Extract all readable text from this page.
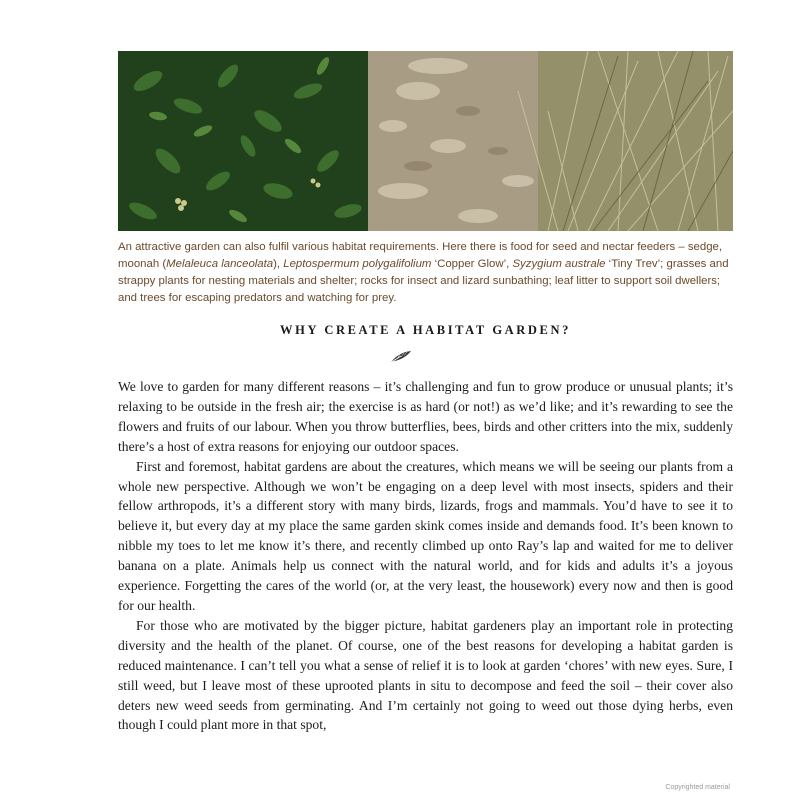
An attractive garden can also fulfil various habitat requirements. Here there is food for seed and nectar feeders – sedge, moonah (Melaleuca lanceolata), Leptospermum polygalifolium ‘Copper Glow’, Syzygium australe ‘Tiny Trev’; grasses and strappy plants for nesting materials and shelter; rocks for insect and lizard sunbathing; leaf litter to support soil dwellers; and trees for escaping predators and watching for prey.

WHY CREATE A HABITAT GARDEN?

We love to garden for many different reasons – it’s challenging and fun to grow produce or unusual plants; it’s relaxing to be outside in the fresh air; the exercise is as hard (or not!) as we’d like; and it’s rewarding to see the flowers and fruits of our labour. When you throw butterflies, bees, birds and other critters into the mix, suddenly there’s a host of extra reasons for enjoying our outdoor spaces.

First and foremost, habitat gardens are about the creatures, which means we will be seeing our plants from a whole new perspective. Although we won’t be engaging on a deep level with most insects, spiders and their fellow arthropods, it’s a different story with many birds, lizards, frogs and mammals. You’d have to see it to believe it, but every day at my place the same garden skink comes inside and demands food. It’s been known to nibble my toes to let me know it’s there, and recently climbed up onto Ray’s lap and waited for me to deliver banana on a plate. Animals help us connect with the natural world, and for kids and adults it’s a joyous experience. Forgetting the cares of the world (or, at the very least, the housework) every now and then is good for our health.

For those who are motivated by the bigger picture, habitat gardeners play an important role in protecting diversity and the health of the planet. Of course, one of the best reasons for developing a habitat garden is reduced maintenance. I can’t tell you what a sense of relief it is to look at garden ‘chores’ with new eyes. Sure, I still weed, but I leave most of these uprooted plants in situ to decompose and feed the soil – their cover also deters new weed seeds from germinating. And I’m certainly not going to weed out those dying herbs, even though I could plant more in that spot,

Copyrighted material
